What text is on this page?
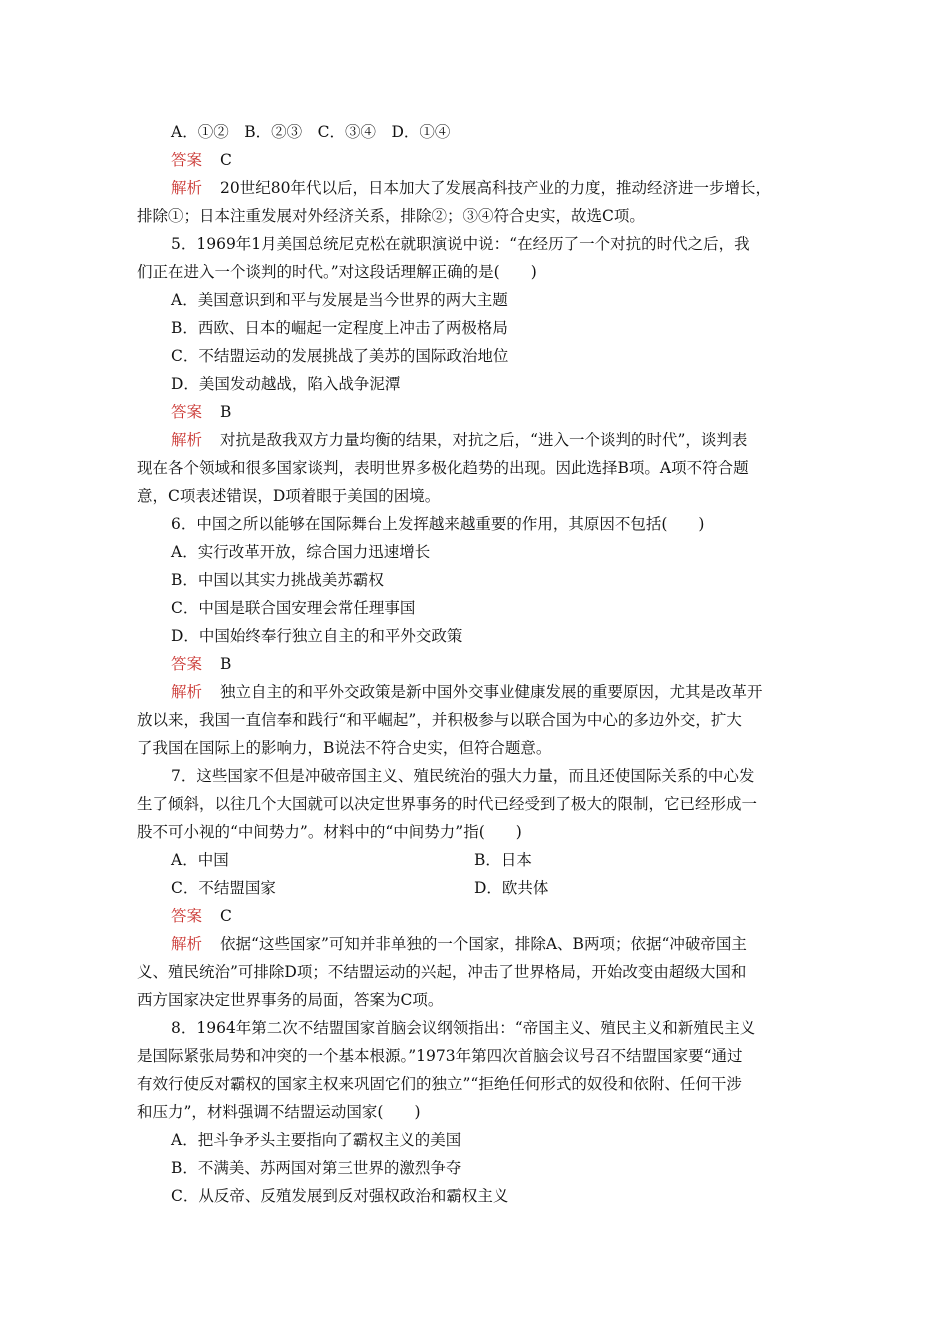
A．①②　B．②③　C．③④　D．①④
答案 C
解析 20世纪80年代以后，日本加大了发展高科技产业的力度，推动经济进一步增长，
排除①；日本注重发展对外经济关系，排除②；③④符合史实，故选C项。
5．1969年1月美国总统尼克松在就职演说中说：“在经历了一个对抗的时代之后，我
们正在进入一个谈判的时代。”对这段话理解正确的是(　　)
A．美国意识到和平与发展是当今世界的两大主题
B．西欧、日本的崛起一定程度上冲击了两极格局
C．不结盟运动的发展挑战了美苏的国际政治地位
D．美国发动越战，陷入战争泥潭
答案 B
解析 对抗是敌我双方力量均衡的结果，对抗之后，“进入一个谈判的时代”，谈判表
现在各个领域和很多国家谈判，表明世界多极化趋势的出现。因此选择B项。A项不符合题
意，C项表述错误，D项着眼于美国的困境。
6．中国之所以能够在国际舞台上发挥越来越重要的作用，其原因不包括(　　)
A．实行改革开放，综合国力迅速增长
B．中国以其实力挑战美苏霸权
C．中国是联合国安理会常任理事国
D．中国始终奉行独立自主的和平外交政策
答案 B
解析 独立自主的和平外交政策是新中国外交事业健康发展的重要原因，尤其是改革开
放以来，我国一直信奉和践行“和平崛起”，并积极参与以联合国为中心的多边外交，扩大
了我国在国际上的影响力，B说法不符合史实，但符合题意。
7．这些国家不但是冲破帝国主义、殖民统治的强大力量，而且还使国际关系的中心发
生了倾斜，以往几个大国就可以决定世界事务的时代已经受到了极大的限制，它已经形成一
股不可小视的“中间势力”。材料中的“中间势力”指(　　)
A．中国	B．日本
C．不结盟国家	D．欧共体
答案 C
解析 依据“这些国家”可知并非单独的一个国家，排除A、B两项；依据“冲破帝国主
义、殖民统治”可排除D项；不结盟运动的兴起，冲击了世界格局，开始改变由超级大国和
西方国家决定世界事务的局面，答案为C项。
8．1964年第二次不结盟国家首脑会议纲领指出：“帝国主义、殖民主义和新殖民主义
是国际紧张局势和冲突的一个基本根源。”1973年第四次首脑会议号召不结盟国家要“通过
有效行使反对霸权的国家主权来巩固它们的独立”“拒绝任何形式的奴役和依附、任何干涉
和压力”，材料强调不结盟运动国家(　　)
A．把斗争矛头主要指向了霸权主义的美国
B．不满美、苏两国对第三世界的激烈争夺
C．从反帝、反殖发展到反对强权政治和霸权主义
